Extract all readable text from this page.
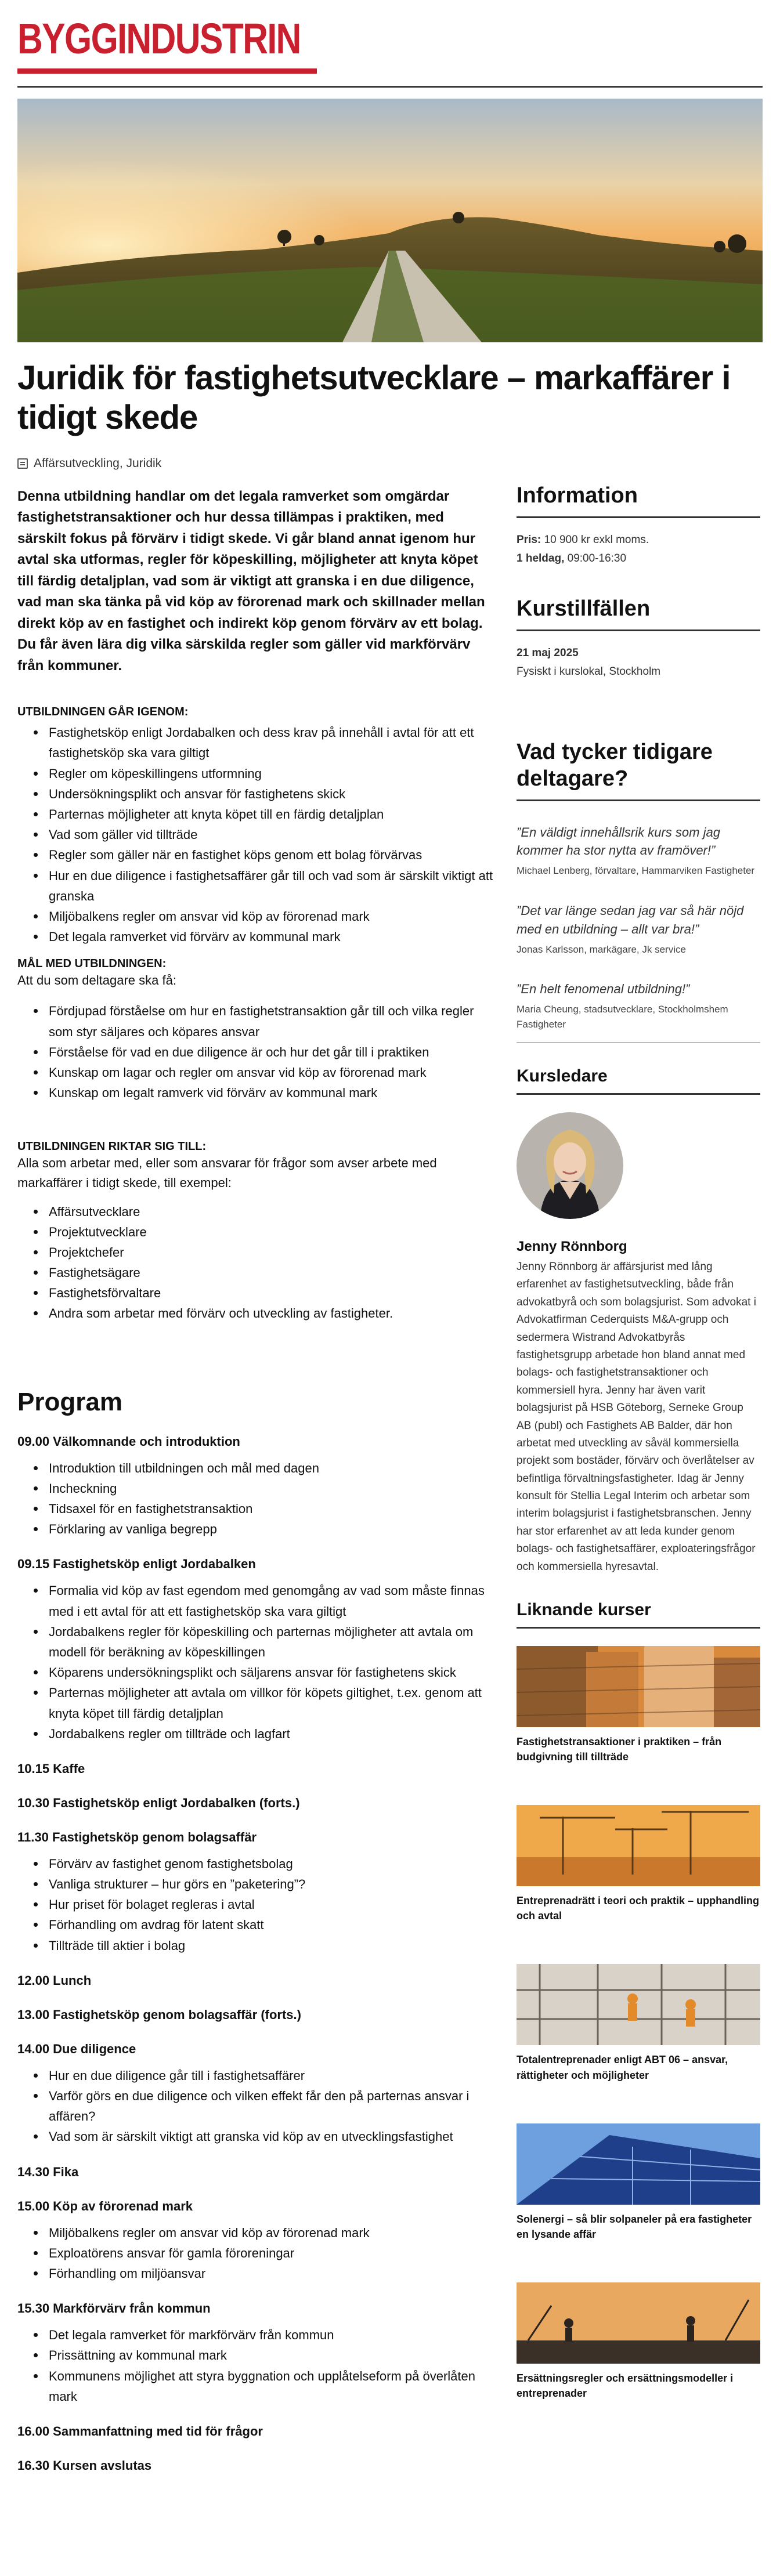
BYGGINDUSTRIN
Juridik för fastighetsutvecklare – markaffärer i tidigt skede
Affärsutveckling, Juridik

Denna utbildning handlar om det legala ramverket som omgärdar fastighetstransaktioner och hur dessa tillämpas i praktiken, med särskilt fokus på förvärv i tidigt skede. Vi går bland annat igenom hur avtal ska utformas, regler för köpeskilling, möjligheter att knyta köpet till färdig detaljplan, vad som är viktigt att granska i en due diligence, vad man ska tänka på vid köp av förorenad mark och skillnader mellan direkt köp av en fastighet och indirekt köp genom förvärv av ett bolag. Du får även lära dig vilka särskilda regler som gäller vid markförvärv från kommuner.

UTBILDNINGEN GÅR IGENOM:
Fastighetsköp enligt Jordabalken och dess krav på innehåll i avtal för att ett fastighetsköp ska vara giltigt
Regler om köpeskillingens utformning
Undersökningsplikt och ansvar för fastighetens skick
Parternas möjligheter att knyta köpet till en färdig detaljplan
Vad som gäller vid tillträde
Regler som gäller när en fastighet köps genom ett bolag förvärvas
Hur en due diligence i fastighetsaffärer går till och vad som är särskilt viktigt att granska
Miljöbalkens regler om ansvar vid köp av förorenad mark
Det legala ramverket vid förvärv av kommunal mark
MÅL MED UTBILDNINGEN:
Att du som deltagare ska få:
Fördjupad förståelse om hur en fastighetstransaktion går till och vilka regler som styr säljares och köpares ansvar
Förståelse för vad en due diligence är och hur det går till i praktiken
Kunskap om lagar och regler om ansvar vid köp av förorenad mark
Kunskap om legalt ramverk vid förvärv av kommunal mark
UTBILDNINGEN RIKTAR SIG TILL:
Alla som arbetar med, eller som ansvarar för frågor som avser arbete med markaffärer i tidigt skede, till exempel:
Affärsutvecklare
Projektutvecklare
Projektchefer
Fastighetsägare
Fastighetsförvaltare
Andra som arbetar med förvärv och utveckling av fastigheter.
Program
09.00 Välkomnande och introduktion
Introduktion till utbildningen och mål med dagen
Incheckning
Tidsaxel för en fastighetstransaktion
Förklaring av vanliga begrepp
09.15 Fastighetsköp enligt Jordabalken
Formalia vid köp av fast egendom med genomgång av vad som måste finnas med i ett avtal för att ett fastighetsköp ska vara giltigt
Jordabalkens regler för köpeskilling och parternas möjligheter att avtala om modell för beräkning av köpeskillingen
Köparens undersökningsplikt och säljarens ansvar för fastighetens skick
Parternas möjligheter att avtala om villkor för köpets giltighet, t.ex. genom att knyta köpet till färdig detaljplan
Jordabalkens regler om tillträde och lagfart
10.15 Kaffe
10.30 Fastighetsköp enligt Jordabalken (forts.)
11.30 Fastighetsköp genom bolagsaffär
Förvärv av fastighet genom fastighetsbolag
Vanliga strukturer – hur görs en ”paketering”?
Hur priset för bolaget regleras i avtal
Förhandling om avdrag för latent skatt
Tillträde till aktier i bolag
12.00 Lunch
13.00 Fastighetsköp genom bolagsaffär (forts.)
14.00 Due diligence
Hur en due diligence går till i fastighetsaffärer
Varför görs en due diligence och vilken effekt får den på parternas ansvar i affären?
Vad som är särskilt viktigt att granska vid köp av en utvecklingsfastighet
14.30 Fika
15.00 Köp av förorenad mark
Miljöbalkens regler om ansvar vid köp av förorenad mark
Exploatörens ansvar för gamla föroreningar
Förhandling om miljöansvar
15.30 Markförvärv från kommun
Det legala ramverket för markförvärv från kommun
Prissättning av kommunal mark
Kommunens möjlighet att styra byggnation och upplåtelseform på överlåten mark
16.00 Sammanfattning med tid för frågor
16.30 Kursen avslutas
Information
Pris: 10 900 kr exkl moms.
1 heldag, 09:00-16:30
Kurstillfällen
21 maj 2025
Fysiskt i kurslokal, Stockholm
Vad tycker tidigare deltagare?
”En väldigt innehållsrik kurs som jag kommer ha stor nytta av framöver!”
Michael Lenberg, förvaltare, Hammarviken Fastigheter
”Det var länge sedan jag var så här nöjd med en utbildning – allt var bra!”
Jonas Karlsson, markägare, Jk service
”En helt fenomenal utbildning!”
Maria Cheung, stadsutvecklare, Stockholmshem Fastigheter
Kursledare
Jenny Rönnborg

Jenny Rönnborg är affärsjurist med lång erfarenhet av fastighetsutveckling, både från advokatbyrå och som bolagsjurist. Som advokat i Advokatfirman Cederquists M&A-grupp och sedermera Wistrand Advokatbyrås fastighetsgrupp arbetade hon bland annat med bolags- och fastighetstransaktioner och kommersiell hyra. Jenny har även varit bolagsjurist på HSB Göteborg, Serneke Group AB (publ) och Fastighets AB Balder, där hon arbetat med utveckling av såväl kommersiella projekt som bostäder, förvärv och överlåtelser av befintliga förvaltningsfastigheter. Idag är Jenny konsult för Stellia Legal Interim och arbetar som interim bolagsjurist i fastighetsbranschen. Jenny har stor erfarenhet av att leda kunder genom bolags- och fastighetsaffärer, exploateringsfrågor och kommersiella hyresavtal.

Liknande kurser
Fastighetstransaktioner i praktiken – från budgivning till tillträde
Entreprenadrätt i teori och praktik – upphandling och avtal
Totalentreprenader enligt ABT 06 – ansvar, rättigheter och möjligheter
Solenergi – så blir solpaneler på era fastigheter en lysande affär
Ersättningsregler och ersättningsmodeller i entreprenader
